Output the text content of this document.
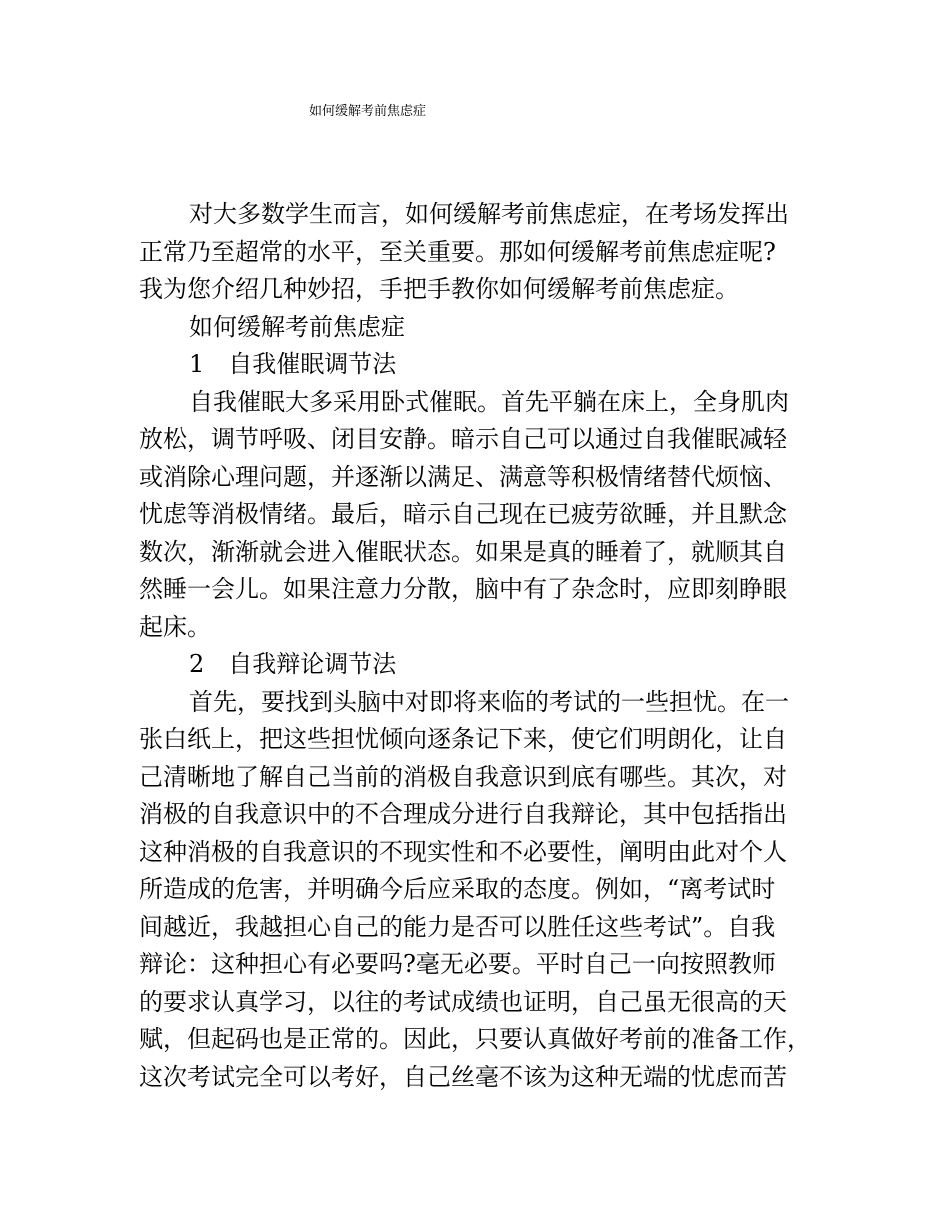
如何缓解考前焦虑症
对大多数学生而言，如何缓解考前焦虑症，在考场发挥出
正常乃至超常的水平，至关重要。那如何缓解考前焦虑症呢?
我为您介绍几种妙招，手把手教你如何缓解考前焦虑症。
如何缓解考前焦虑症
1　自我催眠调节法
自我催眠大多采用卧式催眠。首先平躺在床上，全身肌肉
放松，调节呼吸、闭目安静。暗示自己可以通过自我催眠减轻
或消除心理问题，并逐渐以满足、满意等积极情绪替代烦恼、
忧虑等消极情绪。最后，暗示自己现在已疲劳欲睡，并且默念
数次，渐渐就会进入催眠状态。如果是真的睡着了，就顺其自
然睡一会儿。如果注意力分散，脑中有了杂念时，应即刻睁眼
起床。
2　自我辩论调节法
首先，要找到头脑中对即将来临的考试的一些担忧。在一
张白纸上，把这些担忧倾向逐条记下来，使它们明朗化，让自
己清晰地了解自己当前的消极自我意识到底有哪些。其次，对
消极的自我意识中的不合理成分进行自我辩论，其中包括指出
这种消极的自我意识的不现实性和不必要性，阐明由此对个人
所造成的危害，并明确今后应采取的态度。例如，“离考试时
间越近，我越担心自己的能力是否可以胜任这些考试”。自我
辩论：这种担心有必要吗?毫无必要。平时自己一向按照教师
的要求认真学习，以往的考试成绩也证明，自己虽无很高的天
赋，但起码也是正常的。因此，只要认真做好考前的准备工作，
这次考试完全可以考好，自己丝毫不该为这种无端的忧虑而苦
